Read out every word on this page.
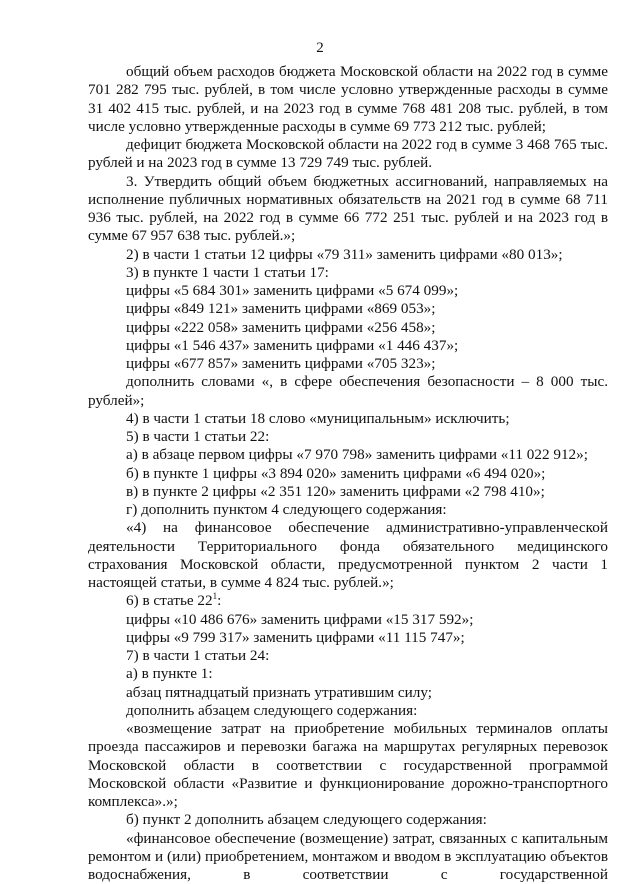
2

общий объем расходов бюджета Московской области на 2022 год в сумме 701 282 795 тыс. рублей, в том числе условно утвержденные расходы в сумме 31 402 415 тыс. рублей, и на 2023 год в сумме 768 481 208 тыс. рублей, в том числе условно утвержденные расходы в сумме 69 773 212 тыс. рублей;

дефицит бюджета Московской области на 2022 год в сумме 3 468 765 тыс. рублей и на 2023 год в сумме 13 729 749 тыс. рублей.

3. Утвердить общий объем бюджетных ассигнований, направляемых на исполнение публичных нормативных обязательств на 2021 год в сумме 68 711 936 тыс. рублей, на 2022 год в сумме 66 772 251 тыс. рублей и на 2023 год в сумме 67 957 638 тыс. рублей.»;

2) в части 1 статьи 12 цифры «79 311» заменить цифрами «80 013»;

3) в пункте 1 части 1 статьи 17:

цифры «5 684 301» заменить цифрами «5 674 099»;

цифры «849 121» заменить цифрами «869 053»;

цифры «222 058» заменить цифрами «256 458»;

цифры «1 546 437» заменить цифрами «1 446 437»;

цифры «677 857» заменить цифрами «705 323»;

дополнить словами «, в сфере обеспечения безопасности – 8 000 тыс. рублей»;

4) в части 1 статьи 18 слово «муниципальным» исключить;

5) в части 1 статьи 22:

а) в абзаце первом цифры «7 970 798» заменить цифрами «11 022 912»;

б) в пункте 1 цифры «3 894 020» заменить цифрами «6 494 020»;

в) в пункте 2 цифры «2 351 120» заменить цифрами «2 798 410»;

г) дополнить пунктом 4 следующего содержания:

«4) на финансовое обеспечение административно-управленческой деятельности Территориального фонда обязательного медицинского страхования Московской области, предусмотренной пунктом 2 части 1 настоящей статьи, в сумме 4 824 тыс. рублей.»;

6) в статье $22^1$:

цифры «10 486 676» заменить цифрами «15 317 592»;

цифры «9 799 317» заменить цифрами «11 115 747»;

7) в части 1 статьи 24:

а) в пункте 1:

абзац пятнадцатый признать утратившим силу;

дополнить абзацем следующего содержания:

«возмещение затрат на приобретение мобильных терминалов оплаты проезда пассажиров и перевозки багажа на маршрутах регулярных перевозок Московской области в соответствии с государственной программой Московской области «Развитие и функционирование дорожно-транспортного комплекса».»;

б) пункт 2 дополнить абзацем следующего содержания:

«финансовое обеспечение (возмещение) затрат, связанных с капитальным ремонтом и (или) приобретением, монтажом и вводом в эксплуатацию объектов водоснабжения, в соответствии с государственной
